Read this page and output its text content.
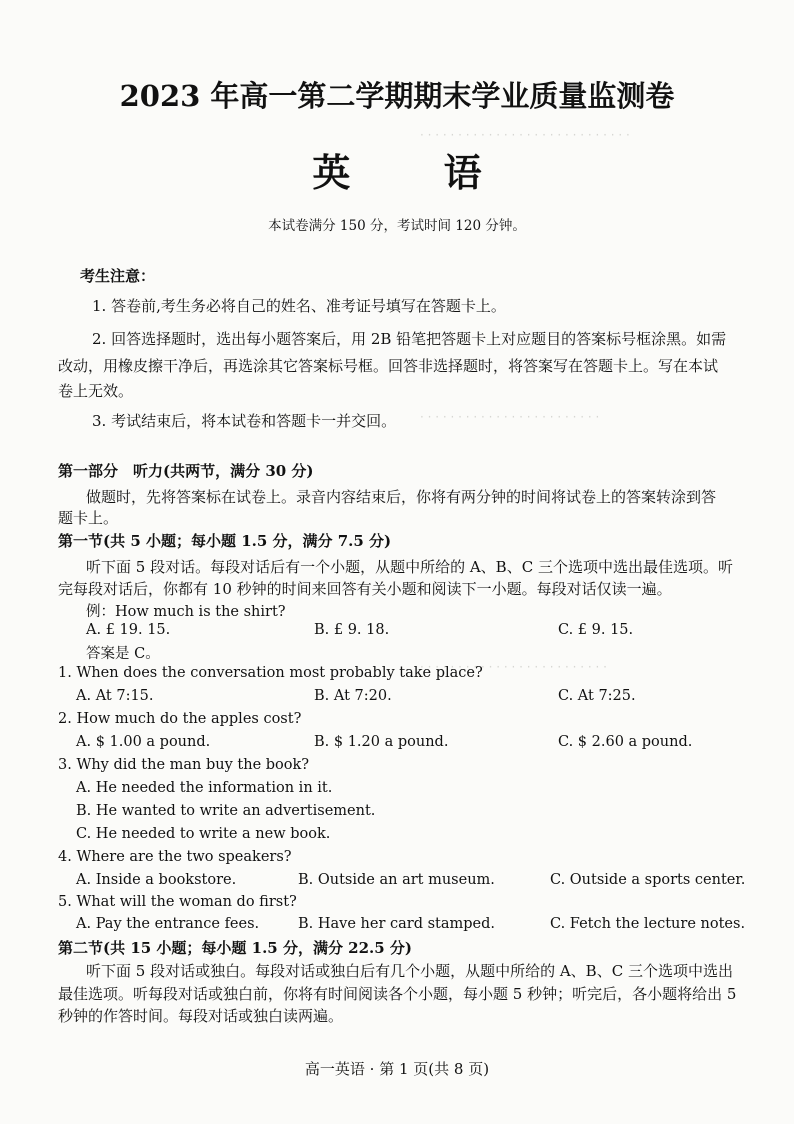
· · · · · · · · · · · · · · · · · · · · · · · · · · · ·
· · · · · · · · · · · · · · · · · · · · · · · ·
· · · · · · · · · · · · · · · · · · · · · · · · ·
2023 年高一第二学期期末学业质量监测卷
英 语
本试卷满分 150 分，考试时间 120 分钟。
考生注意：
1. 答卷前,考生务必将自己的姓名、准考证号填写在答题卡上。
2. 回答选择题时，选出每小题答案后，用 2B 铅笔把答题卡上对应题目的答案标号框涂黑。如需
改动，用橡皮擦干净后，再选涂其它答案标号框。回答非选择题时，将答案写在答题卡上。写在本试
卷上无效。
3. 考试结束后，将本试卷和答题卡一并交回。
第一部分　听力(共两节，满分 30 分)
做题时，先将答案标在试卷上。录音内容结束后，你将有两分钟的时间将试卷上的答案转涂到答
题卡上。
第一节(共 5 小题；每小题 1.5 分，满分 7.5 分)
听下面 5 段对话。每段对话后有一个小题，从题中所给的 A、B、C 三个选项中选出最佳选项。听
完每段对话后，你都有 10 秒钟的时间来回答有关小题和阅读下一小题。每段对话仅读一遍。
例：How much is the shirt?
A. £ 19. 15.	B. £ 9. 18.	C. £ 9. 15.
答案是 C。
1. When does the conversation most probably take place?
A. At 7:15.	B. At 7:20.	C. At 7:25.
2. How much do the apples cost?
A. $ 1.00 a pound.	B. $ 1.20 a pound.	C. $ 2.60 a pound.
3. Why did the man buy the book?
A. He needed the information in it.
B. He wanted to write an advertisement.
C. He needed to write a new book.
4. Where are the two speakers?
A. Inside a bookstore.	B. Outside an art museum.	C. Outside a sports center.
5. What will the woman do first?
A. Pay the entrance fees.	B. Have her card stamped.	C. Fetch the lecture notes.
第二节(共 15 小题；每小题 1.5 分，满分 22.5 分)
听下面 5 段对话或独白。每段对话或独白后有几个小题，从题中所给的 A、B、C 三个选项中选出
最佳选项。听每段对话或独白前，你将有时间阅读各个小题，每小题 5 秒钟；听完后，各小题将给出 5
秒钟的作答时间。每段对话或独白读两遍。
高一英语 · 第 1 页(共 8 页)
